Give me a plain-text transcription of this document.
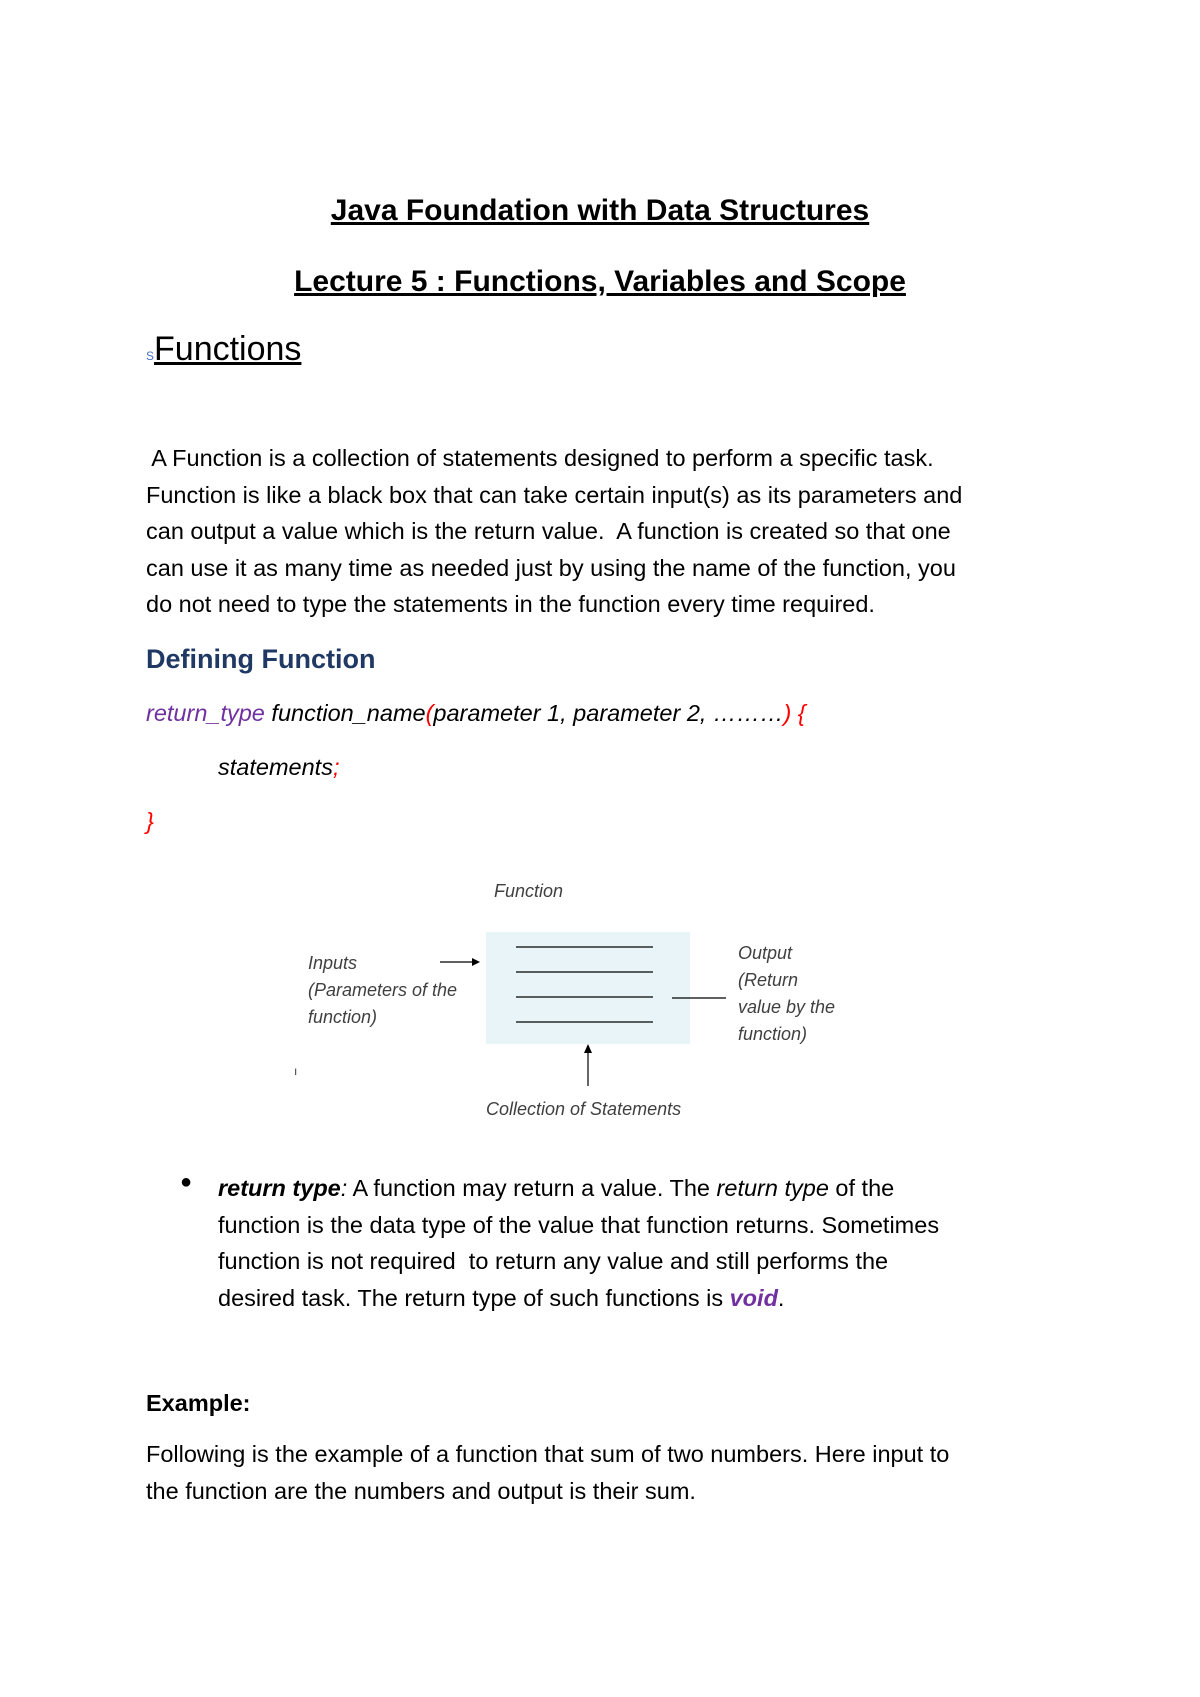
Java Foundation with Data Structures
Lecture 5 : Functions, Variables and Scope
SFunctions

A Function is a collection of statements designed to perform a specific task.

Function is like a black box that can take certain input(s) as its parameters and

can output a value which is the return value.  A function is created so that one

can use it as many time as needed just by using the name of the function, you

do not need to type the statements in the function every time required.

Defining Function
return_type function_name(parameter 1, parameter 2, ………) {
statements;
}
Function
Inputs
(Parameters of the
function)
Output
(Return
value by the
function)
ı
Collection of Statements
● return type: A function may return a value. The return type of the

function is the data type of the value that function returns. Sometimes

function is not required  to return any value and still performs the

desired task. The return type of such functions is void.

Example:

Following is the example of a function that sum of two numbers. Here input to

the function are the numbers and output is their sum.
